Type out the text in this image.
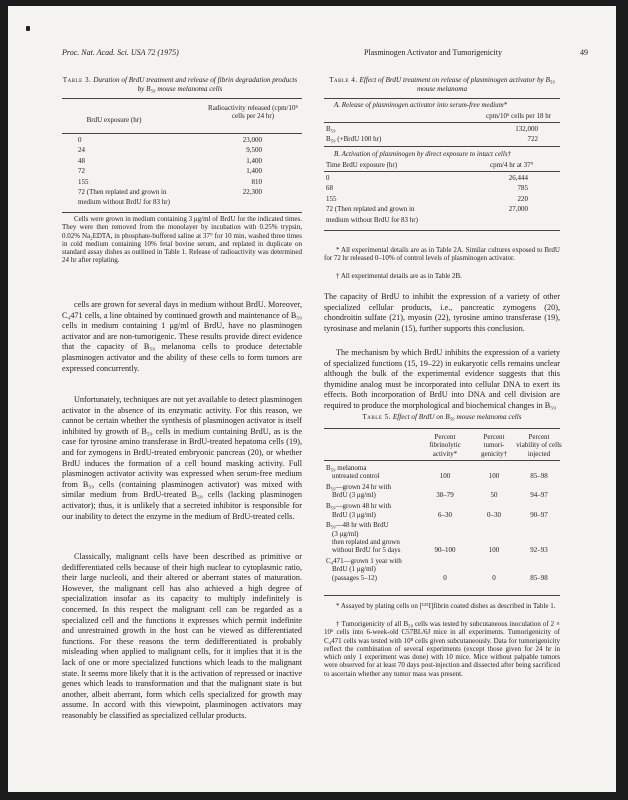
Proc. Nat. Acad. Sci. USA 72 (1975)	Plasminogen Activator and Tumorigenicity	49
Table 3. Duration of BrdU treatment and release of fibrin degradation products by B₅₉ mouse melanoma cells
BrdU exposure (hr)
Radioactivity released (cpm/10⁶ cells per 24 hr)
0	23,000
24	9,500
48	1,400
72	1,400
155	810
72 (Then replated and grown in	22,300
medium without BrdU for 83 hr)
Cells were grown in medium containing 3 μg/ml of BrdU for the indicated times. They were then removed from the monolayer by incubation with 0.25% trypsin, 0.02% Na₂EDTA, in phosphate-buffered saline at 37° for 10 min, washed three times in cold medium containing 10% fetal bovine serum, and replated in duplicate on standard assay dishes as outlined in Table 1. Release of radioactivity was determined 24 hr after replating.
cells are grown for several days in medium without BrdU. Moreover, C₄471 cells, a line obtained by continued growth and maintenance of B₅₉ cells in medium containing 1 μg/ml of BrdU, have no plasminogen activator and are non-tumorigenic. These results provide direct evidence that the capacity of B₅₉ melanoma cells to produce detectable plasminogen activator and the ability of these cells to form tumors are expressed concurrently.
Unfortunately, techniques are not yet available to detect plasminogen activator in the absence of its enzymatic activity. For this reason, we cannot be certain whether the synthesis of plasminogen activator is itself inhibited by growth of B₅₉ cells in medium containing BrdU, as is the case for tyrosine amino transferase in BrdU-treated hepatoma cells (19), and for zymogens in BrdU-treated embryonic pancreas (20), or whether BrdU induces the formation of a cell bound masking activity. Full plasminogen activator activity was expressed when serum-free medium from B₅₉ cells (containing plasminogen activator) was mixed with similar medium from BrdU-treated B₅₉ cells (lacking plasminogen activator); thus, it is unlikely that a secreted inhibitor is responsible for our inability to detect the enzyme in the medium of BrdU-treated cells.
Classically, malignant cells have been described as primitive or dedifferentiated cells because of their high nuclear to cytoplasmic ratio, their large nucleoli, and their altered or aberrant states of maturation. However, the malignant cell has also achieved a high degree of specialization insofar as its capacity to multiply indefinitely is concerned. In this respect the malignant cell can be regarded as a specialized cell and the functions it expresses which permit indefinite and unrestrained growth in the host can be viewed as differentiated functions. For these reasons the term dedifferentiated is probably misleading when applied to malignant cells, for it implies that it is the lack of one or more specialized functions which leads to the malignant state. It seems more likely that it is the activation of repressed or inactive genes which leads to transformation and that the malignant state is but another, albeit aberrant, form which cells specialized for growth may assume. In accord with this viewpoint, plasminogen activators may reasonably be classified as specialized cellular products.
Table 4. Effect of BrdU treatment on release of plasminogen activator by B₅₉ mouse melanoma
A. Release of plasminogen activator into serum-free medium*
cpm/10⁶ cells per 18 hr
B₅₉	132,000
B₅₉ (+BrdU 100 hr)	722
B. Activation of plasminogen by direct exposure to intact cells†
Time BrdU exposure (hr)	cpm/4 hr at 37°
0	26,444
68	785
155	220
72 (Then replated and grown in	27,000
medium without BrdU for 83 hr)
* All experimental details are as in Table 2A. Similar cultures exposed to BrdU for 72 hr released 0–10% of control levels of plasminogen activator.
† All experimental details are as in Table 2B.
The capacity of BrdU to inhibit the expression of a variety of other specialized cellular products, i.e., pancreatic zymogens (20), chondroitin sulfate (21), myosin (22), tyrosine amino transferase (19), tyrosinase and melanin (15), further supports this conclusion.
The mechanism by which BrdU inhibits the expression of a variety of specialized functions (15, 19–22) in eukaryotic cells remains unclear although the bulk of the experimental evidence suggests that this thymidine analog must be incorporated into cellular DNA to exert its effects. Both incorporation of BrdU into DNA and cell division are required to produce the morphological and biochemical changes in B₅₉
Table 5. Effect of BrdU on B₅₉ mouse melanoma cells
Percent fibrinolytic activity*
Percent tumori-genicity†
Percent viability of cells injected
B₅₉ melanoma
untreated control	100	100	85–98
B₅₉—grown 24 hr with
BrdU (3 μg/ml)	38–79	50	94–97
B₅₉—grown 48 hr with
BrdU (3 μg/ml)	6–30	0–30	90–97
B₅₉—48 hr with BrdU
(3 μg/ml)
then replated and grown
without BrdU for 5 days	90–100	100	92–93
C₄471—grown 1 year with
BrdU (1 μg/ml)
(passages 5–12)	0	0	85–98
* Assayed by plating cells on [¹²⁵I]fibrin coated dishes as described in Table 1.
† Tumorigenicity of all B₅₉ cells was tested by subcutaneous inoculation of 2 × 10⁶ cells into 6-week-old C57BL/6J mice in all experiments. Tumorigenicity of C₄471 cells was tested with 10⁸ cells given subcutaneously. Data for tumorigenicity reflect the combination of several experiments (except those given for 24 hr in which only 1 experiment was done) with 10 mice. Mice without palpable tumors were observed for at least 70 days post-injection and dissected after being sacrificed to ascertain whether any tumor mass was present.
